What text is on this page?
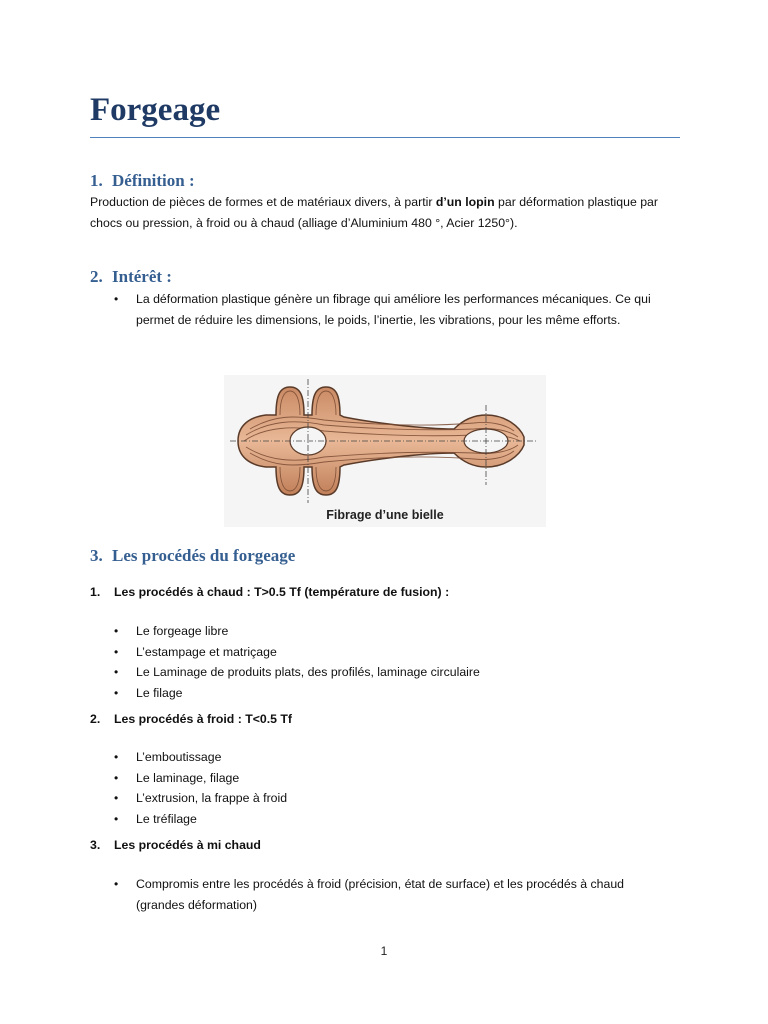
Forgeage
1. Définition :

Production de pièces de formes et de matériaux divers, à partir d’un lopin par déformation plastique par

chocs ou pression, à froid ou à chaud (alliage d’Aluminium 480 °, Acier 1250°).

2. Intérêt :
• La déformation plastique génère un fibrage qui améliore les performances mécaniques. Ce qui
permet de réduire les dimensions, le poids, l’inertie, les vibrations, pour les même efforts.
Fibrage d’une bielle
3. Les procédés du forgeage

1. Les procédés à chaud : T>0.5 Tf (température de fusion) :

• Le forgeage libre
• L’estampage et matriçage
• Le Laminage de produits plats, des profilés, laminage circulaire
• Le filage

2. Les procédés à froid : T<0.5 Tf

• L’emboutissage
• Le laminage, filage
• L’extrusion, la frappe à froid
• Le tréfilage

3. Les procédés à mi chaud

• Compromis entre les procédés à froid (précision, état de surface) et les procédés à chaud
(grandes déformation)
1
